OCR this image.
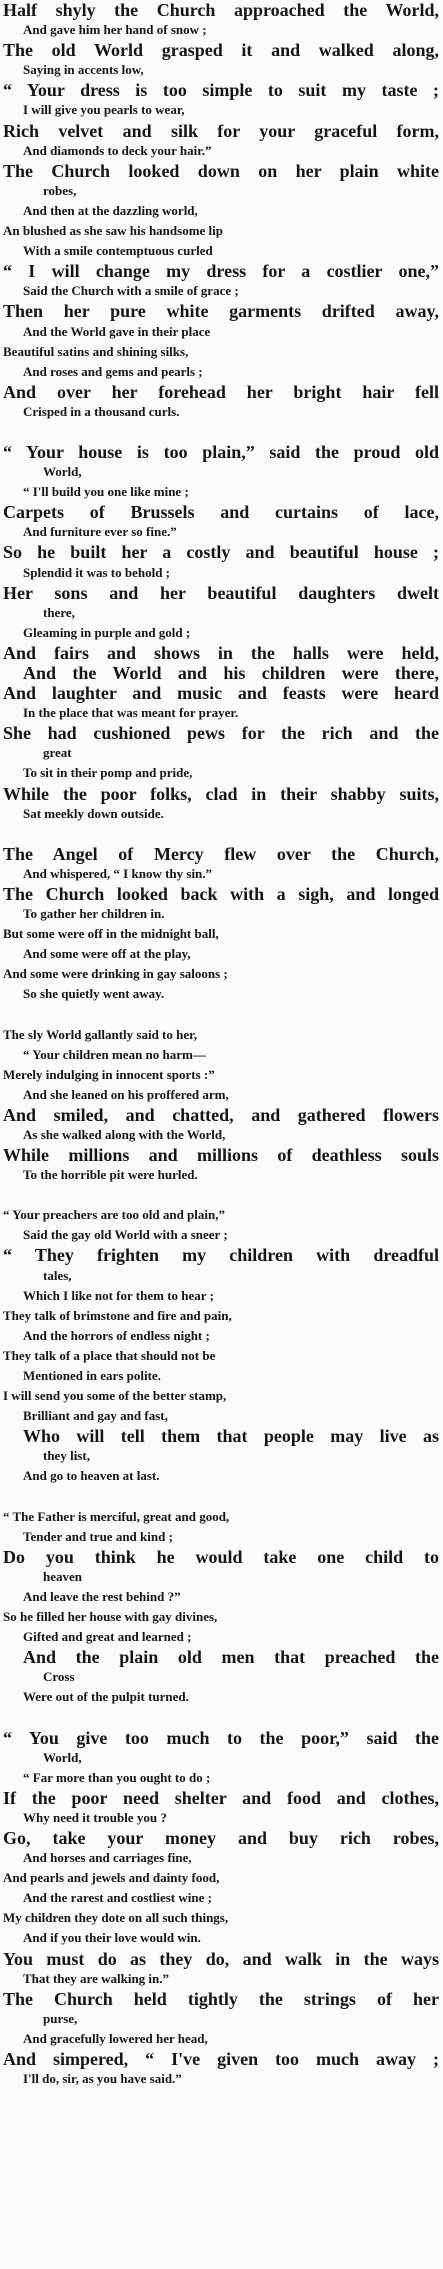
Half shyly the Church approached the World,
And gave him her hand of snow ;
The old World grasped it and walked along,
Saying in accents low,
“ Your dress is too simple to suit my taste ;
I will give you pearls to wear,
Rich velvet and silk for your graceful form,
And diamonds to deck your hair.”
The Church looked down on her plain white
robes,
And then at the dazzling world,
An blushed as she saw his handsome lip
With a smile contemptuous curled
“ I will change my dress for a costlier one,”
Said the Church with a smile of grace ;
Then her pure white garments drifted away,
And the World gave in their place
Beautiful satins and shining silks,
And roses and gems and pearls ;
And over her forehead her bright hair fell
Crisped in a thousand curls.
“ Your house is too plain,” said the proud old
World,
“ I'll build you one like mine ;
Carpets of Brussels and curtains of lace,
And furniture ever so fine.”
So he built her a costly and beautiful house ;
Splendid it was to behold ;
Her sons and her beautiful daughters dwelt
there,
Gleaming in purple and gold ;
And fairs and shows in the halls were held,
And the World and his children were there,
And laughter and music and feasts were heard
In the place that was meant for prayer.
She had cushioned pews for the rich and the
great
To sit in their pomp and pride,
While the poor folks, clad in their shabby suits,
Sat meekly down outside.
The Angel of Mercy flew over the Church,
And whispered, “ I know thy sin.”
The Church looked back with a sigh, and longed
To gather her children in.
But some were off in the midnight ball,
And some were off at the play,
And some were drinking in gay saloons ;
So she quietly went away.
The sly World gallantly said to her,
“ Your children mean no harm—
Merely indulging in innocent sports :”
And she leaned on his proffered arm,
And smiled, and chatted, and gathered flowers
As she walked along with the World,
While millions and millions of deathless souls
To the horrible pit were hurled.
“ Your preachers are too old and plain,”
Said the gay old World with a sneer ;
“ They frighten my children with dreadful
tales,
Which I like not for them to hear ;
They talk of brimstone and fire and pain,
And the horrors of endless night ;
They talk of a place that should not be
Mentioned in ears polite.
I will send you some of the better stamp,
Brilliant and gay and fast,
Who will tell them that people may live as
they list,
And go to heaven at last.
“ The Father is merciful, great and good,
Tender and true and kind ;
Do you think he would take one child to
heaven
And leave the rest behind ?”
So he filled her house with gay divines,
Gifted and great and learned ;
And the plain old men that preached the
Cross
Were out of the pulpit turned.
“ You give too much to the poor,” said the
World,
“ Far more than you ought to do ;
If the poor need shelter and food and clothes,
Why need it trouble you ?
Go, take your money and buy rich robes,
And horses and carriages fine,
And pearls and jewels and dainty food,
And the rarest and costliest wine ;
My children they dote on all such things,
And if you their love would win.
You must do as they do, and walk in the ways
That they are walking in.”
The Church held tightly the strings of her
purse,
And gracefully lowered her head,
And simpered, “ I've given too much away ;
I'll do, sir, as you have said.”
